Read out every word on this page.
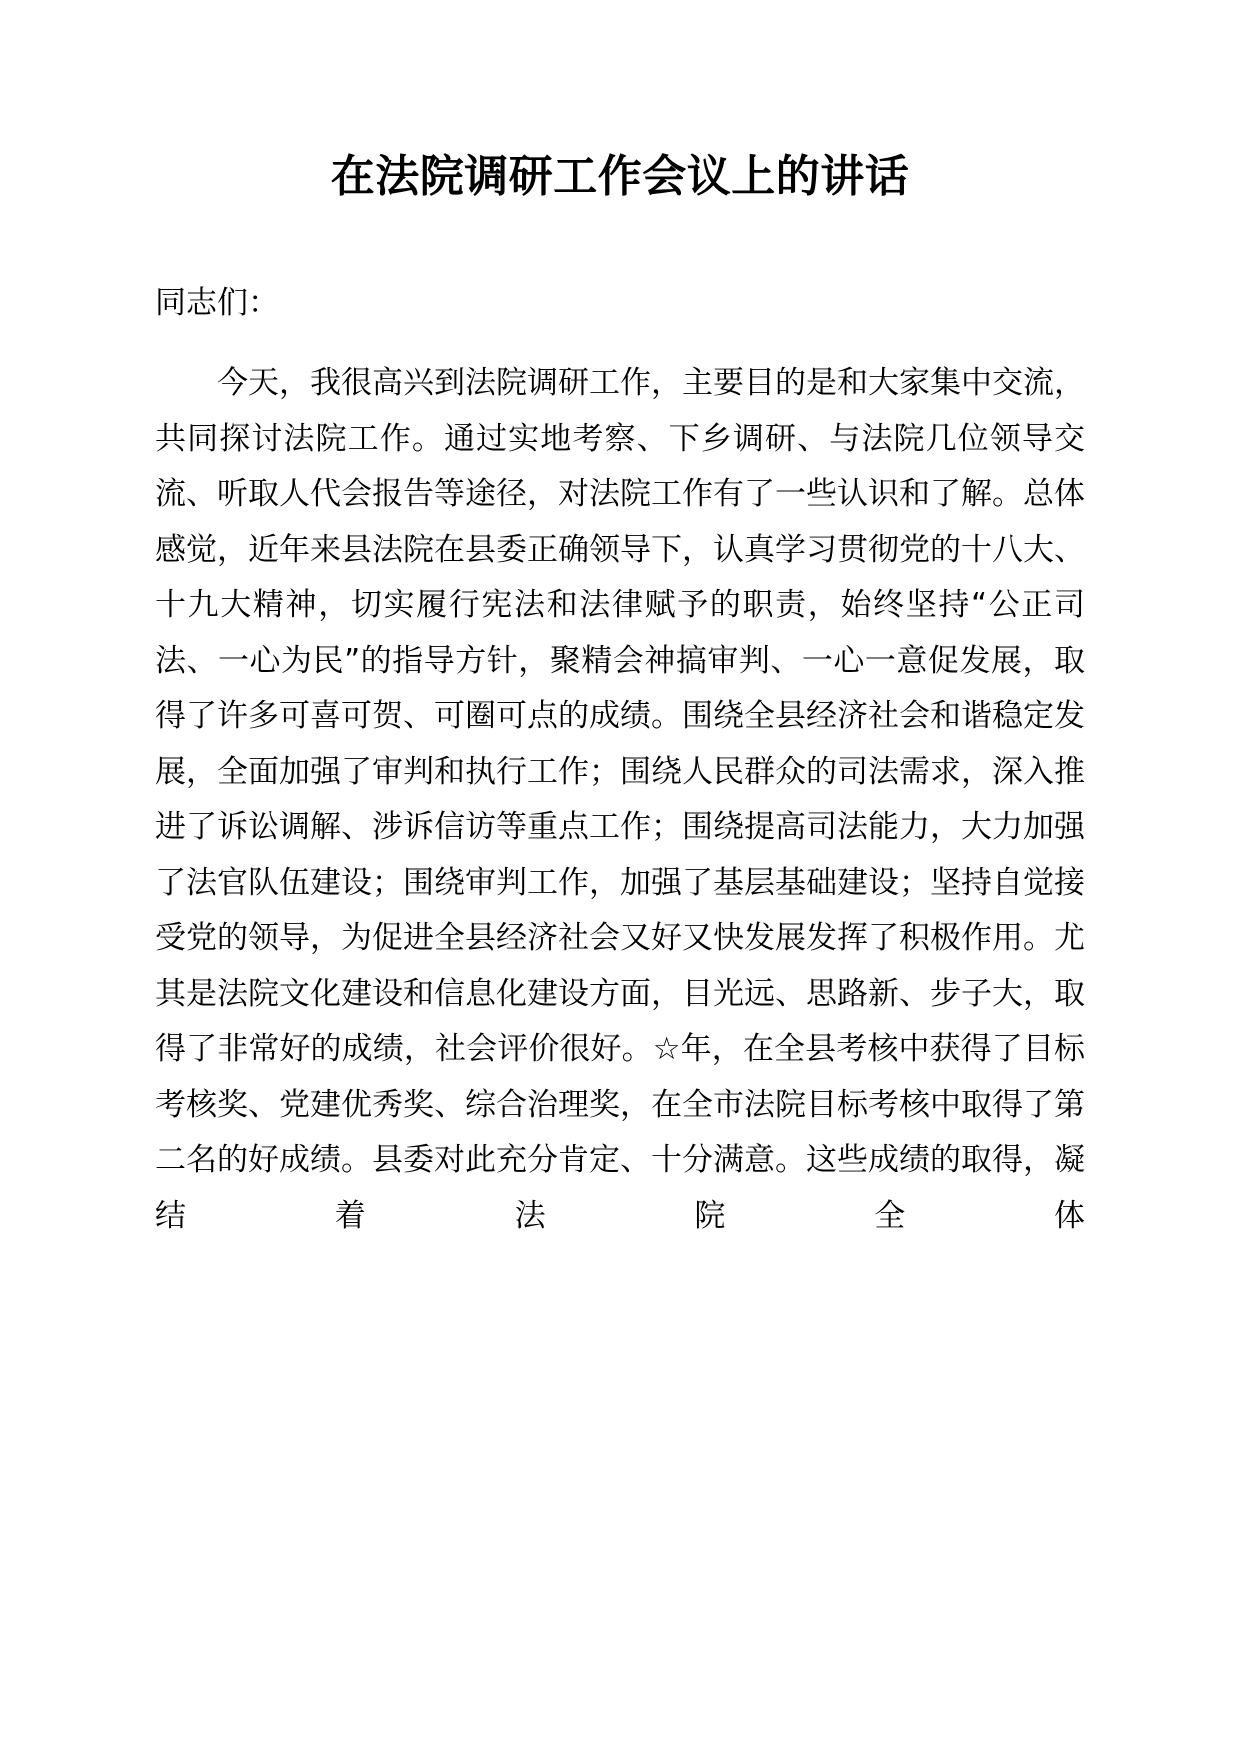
在法院调研工作会议上的讲话

同志们：

今天，我很高兴到法院调研工作，主要目的是和大家集中交流，共同探讨法院工作。通过实地考察、下乡调研、与法院几位领导交流、听取人代会报告等途径，对法院工作有了一些认识和了解。总体感觉，近年来县法院在县委正确领导下，认真学习贯彻党的十八大、十九大精神，切实履行宪法和法律赋予的职责，始终坚持“公正司法、一心为民”的指导方针，聚精会神搞审判、一心一意促发展，取得了许多可喜可贺、可圈可点的成绩。围绕全县经济社会和谐稳定发展，全面加强了审判和执行工作；围绕人民群众的司法需求，深入推进了诉讼调解、涉诉信访等重点工作；围绕提高司法能力，大力加强了法官队伍建设；围绕审判工作，加强了基层基础建设；坚持自觉接受党的领导，为促进全县经济社会又好又快发展发挥了积极作用。尤其是法院文化建设和信息化建设方面，目光远、思路新、步子大，取得了非常好的成绩，社会评价很好。☆年，在全县考核中获得了目标考核奖、党建优秀奖、综合治理奖，在全市法院目标考核中取得了第二名的好成绩。县委对此充分肯定、十分满意。这些成绩的取得，凝结着法院全体
